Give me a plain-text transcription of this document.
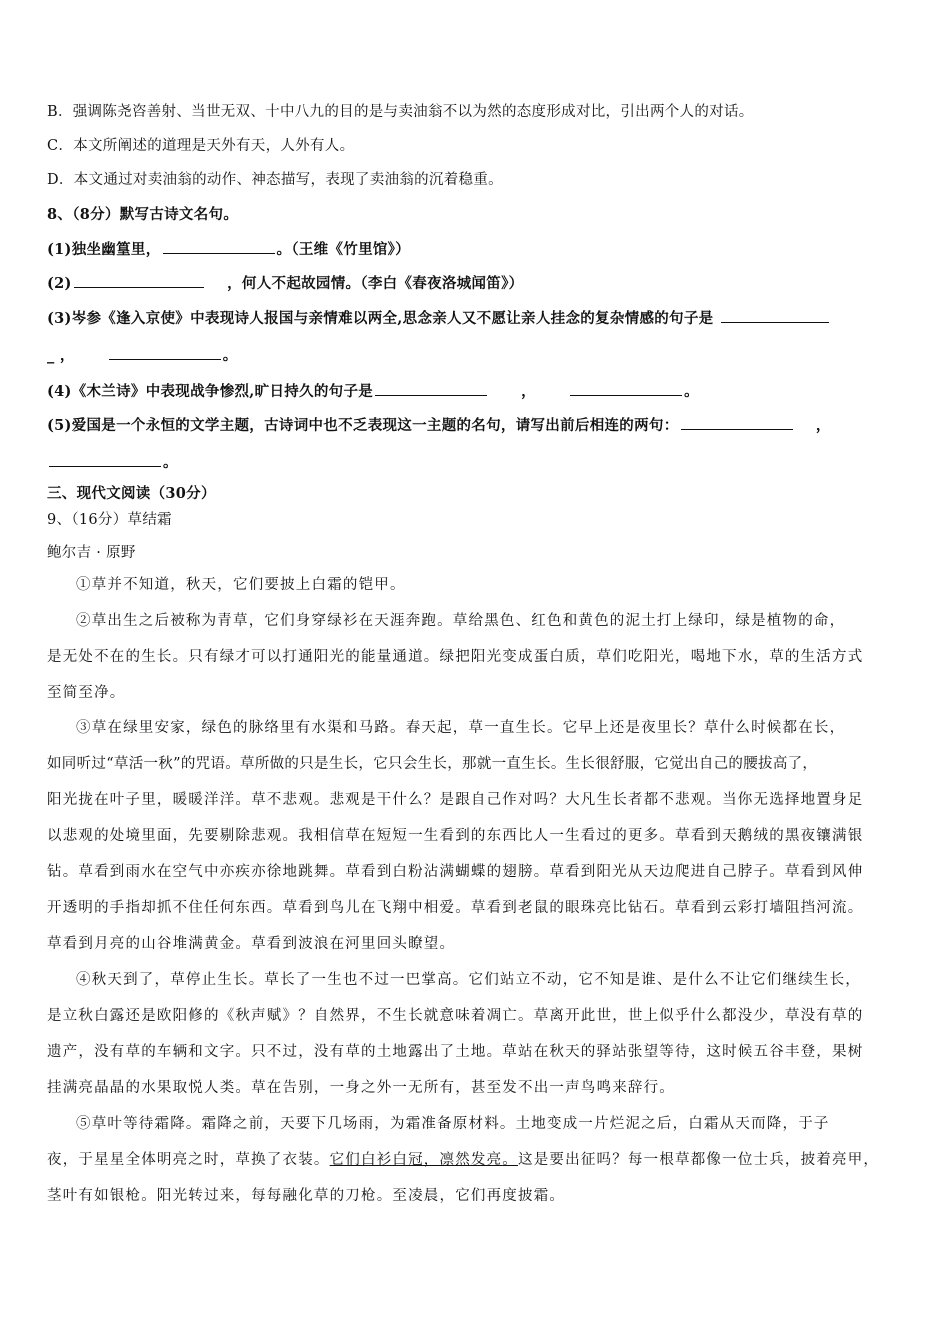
B．强调陈尧咨善射、当世无双、十中八九的目的是与卖油翁不以为然的态度形成对比，引出两个人的对话。
C．本文所阐述的道理是天外有天，人外有人。
D．本文通过对卖油翁的动作、神态描写，表现了卖油翁的沉着稳重。
8、（8分）默写古诗文名句。
(1)独坐幽篁里，	。（王维《竹里馆》）
(2)	，何人不起故园情。（李白《春夜洛城闻笛》）
(3)岑参《逢入京使》中表现诗人报国与亲情难以两全,思念亲人又不愿让亲人挂念的复杂情感的句子是
_ ，	。
(4)《木兰诗》中表现战争惨烈,旷日持久的句子是	，	。
(5)爱国是一个永恒的文学主题，古诗词中也不乏表现这一主题的名句，请写出前后相连的两句：	，
。
三、现代文阅读（30分）
9、（16分）草结霜
鲍尔吉 · 原野
①草并不知道，秋天，它们要披上白霜的铠甲。
②草出生之后被称为青草，它们身穿绿衫在天涯奔跑。草给黑色、红色和黄色的泥土打上绿印，绿是植物的命，
是无处不在的生长。只有绿才可以打通阳光的能量通道。绿把阳光变成蛋白质，草们吃阳光，喝地下水，草的生活方式
至简至净。
③草在绿里安家，绿色的脉络里有水渠和马路。春天起，草一直生长。它早上还是夜里长？草什么时候都在长，
如同听过“草活一秋”的咒语。草所做的只是生长，它只会生长，那就一直生长。生长很舒服，它觉出自己的腰拔高了，
阳光拢在叶子里，暖暖洋洋。草不悲观。悲观是干什么？是跟自己作对吗？大凡生长者都不悲观。当你无选择地置身足
以悲观的处境里面，先要剔除悲观。我相信草在短短一生看到的东西比人一生看过的更多。草看到天鹅绒的黑夜镶满银
钻。草看到雨水在空气中亦疾亦徐地跳舞。草看到白粉沾满蝴蝶的翅膀。草看到阳光从天边爬进自己脖子。草看到风伸
开透明的手指却抓不住任何东西。草看到鸟儿在飞翔中相爱。草看到老鼠的眼珠亮比钻石。草看到云彩打墙阻挡河流。
草看到月亮的山谷堆满黄金。草看到波浪在河里回头瞭望。
④秋天到了，草停止生长。草长了一生也不过一巴掌高。它们站立不动，它不知是谁、是什么不让它们继续生长，
是立秋白露还是欧阳修的《秋声赋》？自然界，不生长就意味着凋亡。草离开此世，世上似乎什么都没少，草没有草的
遗产，没有草的车辆和文字。只不过，没有草的土地露出了土地。草站在秋天的驿站张望等待，这时候五谷丰登，果树
挂满亮晶晶的水果取悦人类。草在告别，一身之外一无所有，甚至发不出一声鸟鸣来辞行。
⑤草叶等待霜降。霜降之前，天要下几场雨，为霜准备原材料。土地变成一片烂泥之后，白霜从天而降，于子
夜，于星星全体明亮之时，草换了衣装。它们白衫白冠，凛然发亮。这是要出征吗？每一根草都像一位士兵，披着亮甲，
茎叶有如银枪。阳光转过来，每每融化草的刀枪。至凌晨，它们再度披霜。
